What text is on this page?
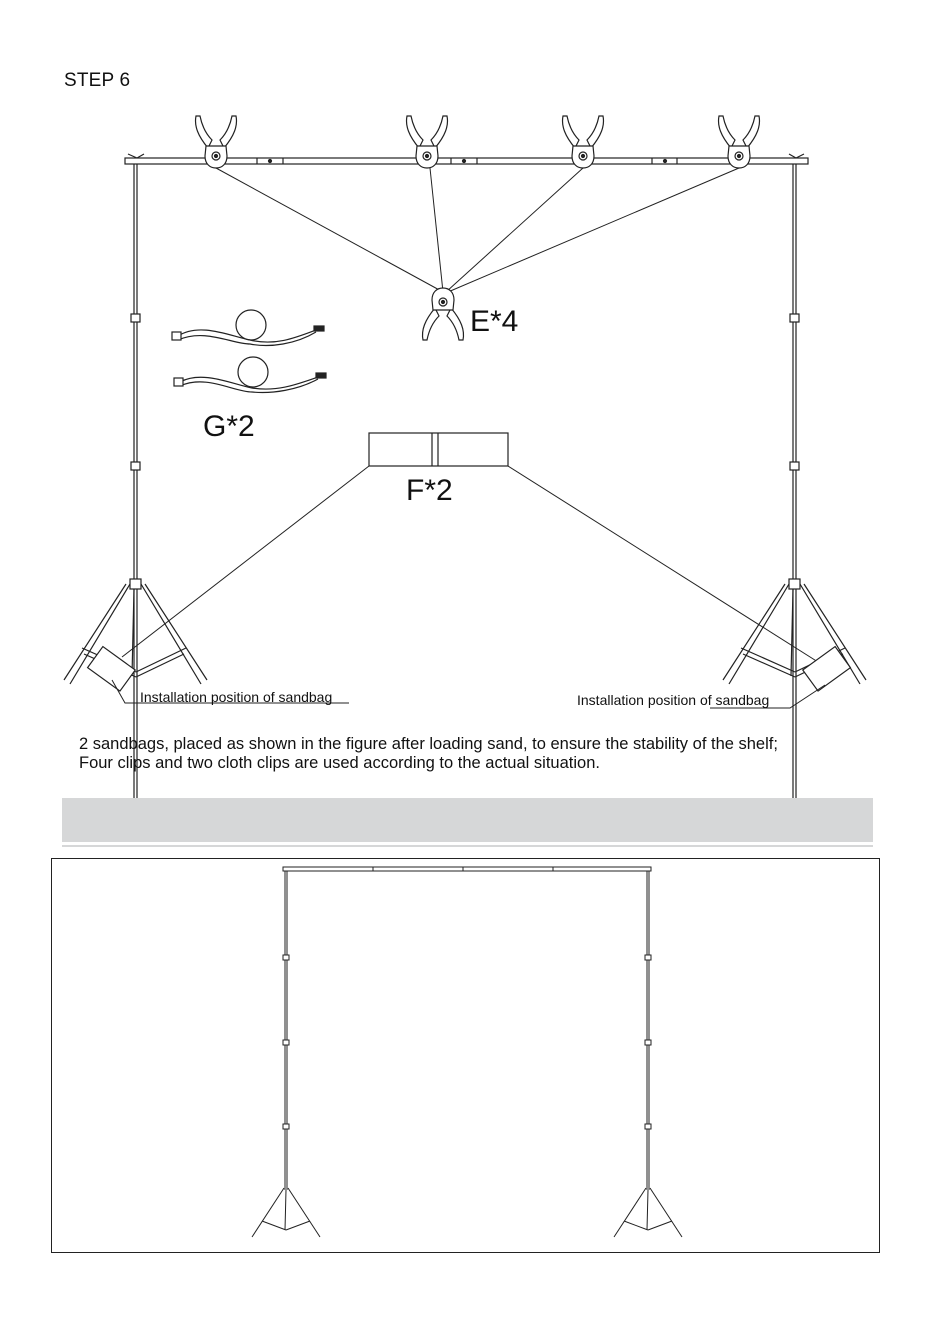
STEP 6
E*4
G*2
F*2
Installation position of sandbag	Installation position of sandbag
2 sandbags, placed as shown in the figure after loading sand, to ensure the stability of the shelf;
Four clips and two cloth clips are used according to the actual situation.
